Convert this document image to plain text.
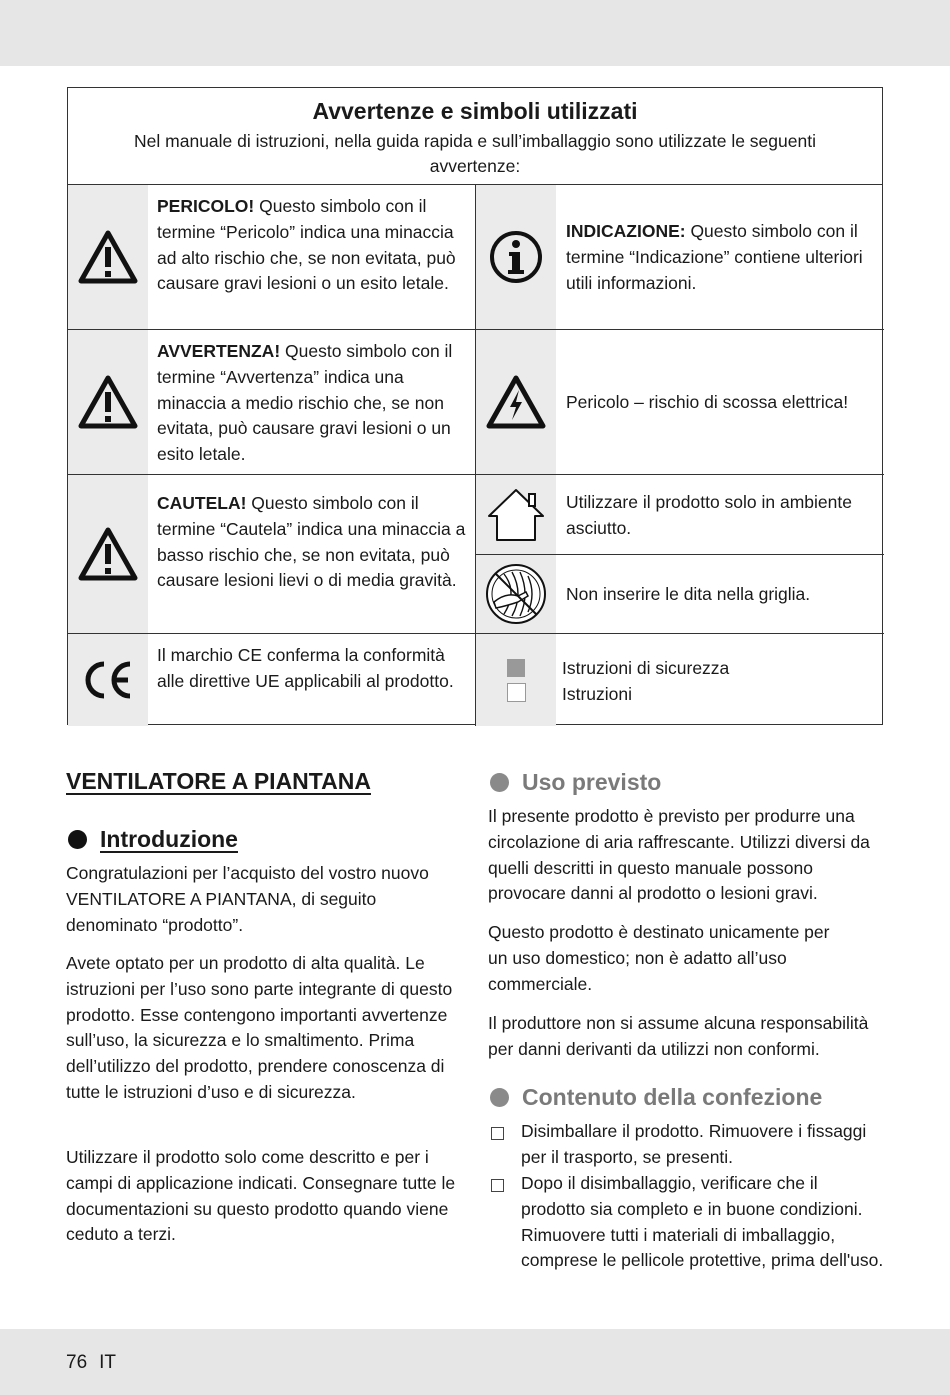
Avvertenze e simboli utilizzati

Nel manuale di istruzioni, nella guida rapida e sull’imballaggio sono utilizzate le seguenti avvertenze:

PERICOLO! Questo simbolo con il termine “Pericolo” indica una minaccia ad alto rischio che, se non evitata, può causare gravi lesioni o un esito letale.
AVVERTENZA! Questo simbolo con il termine “Avvertenza” indica una minaccia a medio rischio che, se non evitata, può causare gravi lesioni o un esito letale.
CAUTELA! Questo simbolo con il termine “Cautela” indica una minaccia a basso rischio che, se non evitata, può causare lesioni lievi o di media gravità.
Il marchio CE conferma la conformità alle direttive UE applicabili al prodotto.
INDICAZIONE: Questo simbolo con il termine “Indicazione” contiene ulteriori utili informazioni.
Pericolo – rischio di scossa elettrica!
Utilizzare il prodotto solo in ambiente asciutto.
Non inserire le dita nella griglia.
Istruzioni di sicurezza
Istruzioni
VENTILATORE A PIANTANA
Introduzione
Congratulazioni per l’acquisto del vostro nuovo VENTILATORE A PIANTANA, di seguito denominato “prodotto”.
Avete optato per un prodotto di alta qualità. Le istruzioni per l’uso sono parte integrante di questo prodotto. Esse contengono importanti avvertenze sull’uso, la sicurezza e lo smaltimento. Prima dell’utilizzo del prodotto, prendere conoscenza di tutte le istruzioni d’uso e di sicurezza.
Utilizzare il prodotto solo come descritto e per i campi di applicazione indicati. Consegnare tutte le documentazioni su questo prodotto quando viene ceduto a terzi.
Uso previsto
Il presente prodotto è previsto per produrre una circolazione di aria raffrescante. Utilizzi diversi da quelli descritti in questo manuale possono provocare danni al prodotto o lesioni gravi.
Questo prodotto è destinato unicamente per un uso domestico; non è adatto all’uso commerciale.
Il produttore non si assume alcuna responsabilità per danni derivanti da utilizzi non conformi.
Contenuto della confezione
Disimballare il prodotto. Rimuovere i fissaggi per il trasporto, se presenti.
Dopo il disimballaggio, verificare che il prodotto sia completo e in buone condizioni. Rimuovere tutti i materiali di imballaggio, comprese le pellicole protettive, prima dell'uso.
76 IT
